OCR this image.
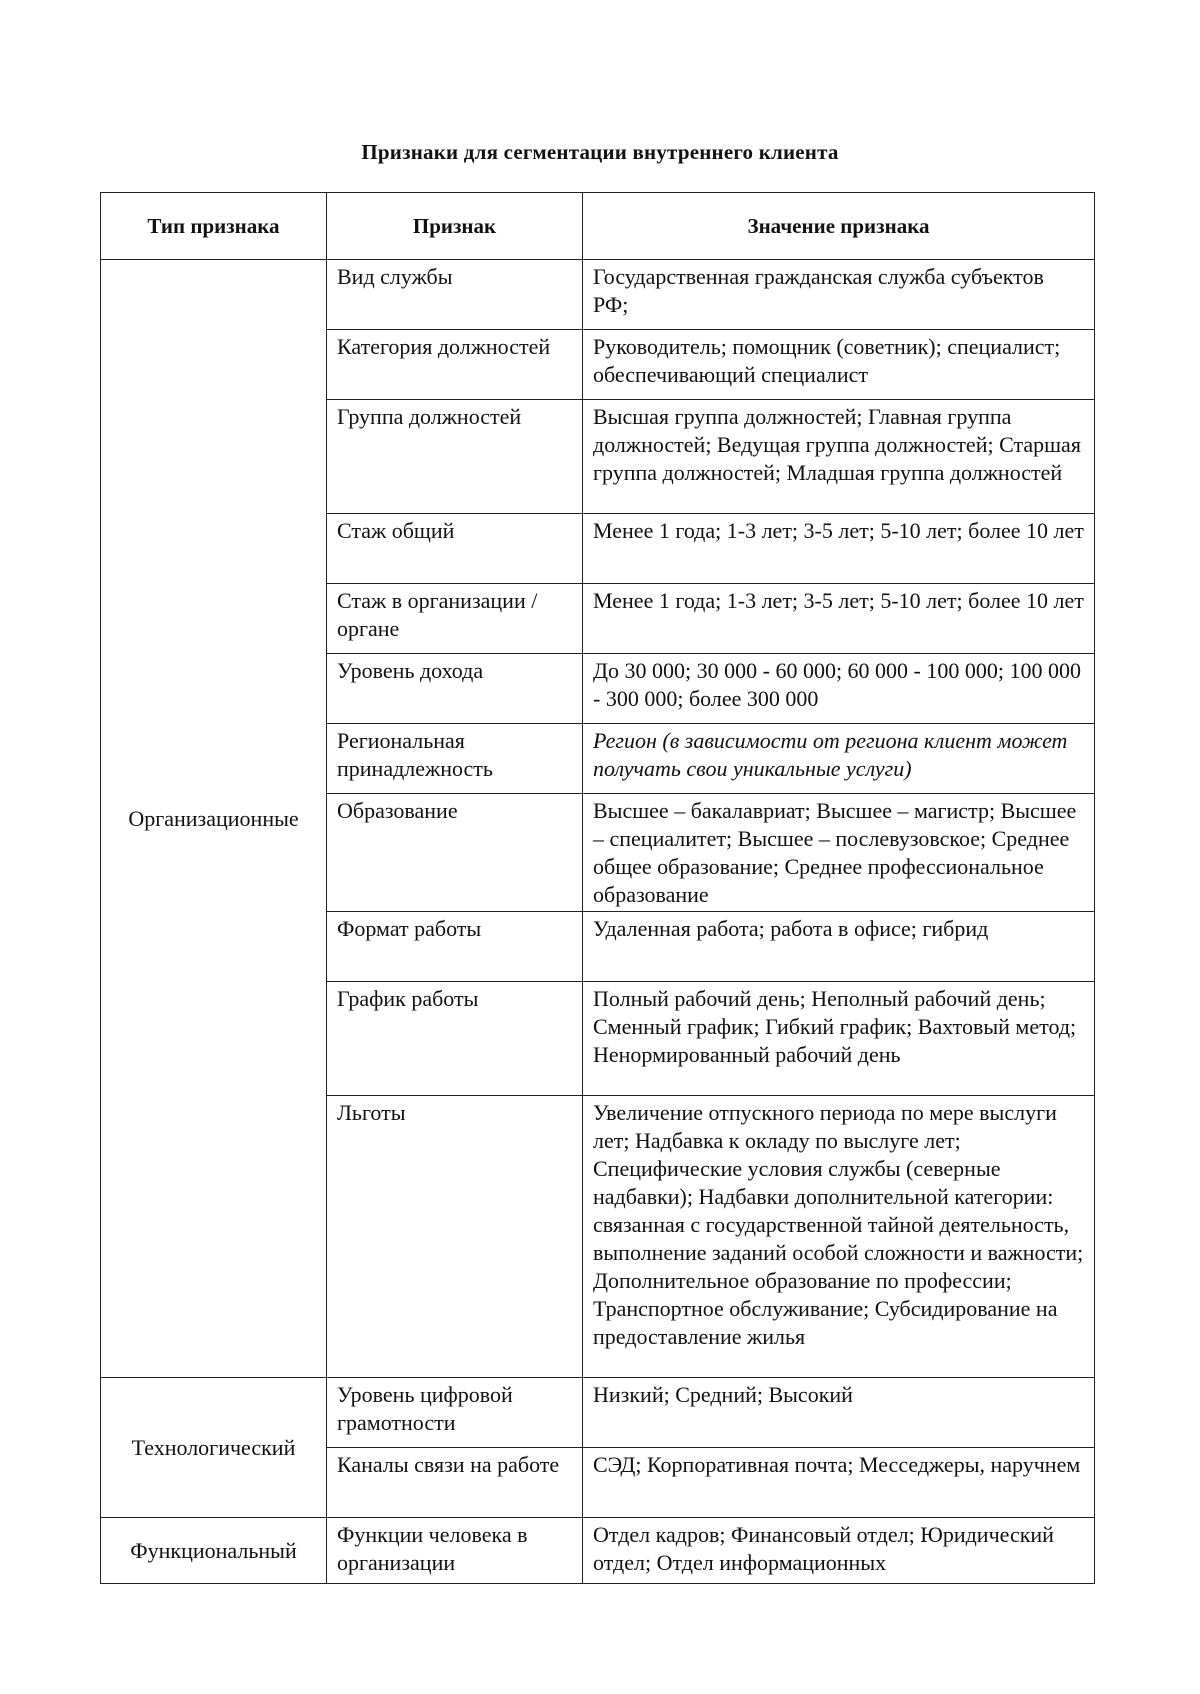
Признаки для сегментации внутреннего клиента
Тип признака	Признак	Значение признака
Организационные	Вид службы	Государственная гражданская служба субъектов РФ;
	Категория должностей	Руководитель; помощник (советник); специалист; обеспечивающий специалист
	Группа должностей	Высшая группа должностей; Главная группа должностей; Ведущая группа должностей; Старшая группа должностей; Младшая группа должностей
	Стаж общий	Менее 1 года; 1-3 лет; 3-5 лет; 5-10 лет; более 10 лет
	Стаж в организации / органе	Менее 1 года; 1-3 лет; 3-5 лет; 5-10 лет; более 10 лет
	Уровень дохода	До 30 000; 30 000 - 60 000; 60 000 - 100 000; 100 000 - 300 000; более 300 000
	Региональная принадлежность	Регион (в зависимости от региона клиент может получать свои уникальные услуги)
	Образование	Высшее – бакалавриат; Высшее – магистр; Высшее – специалитет; Высшее – послевузовское; Среднее общее образование; Среднее профессиональное образование
	Формат работы	Удаленная работа; работа в офисе; гибрид
	График работы	Полный рабочий день; Неполный рабочий день; Сменный график; Гибкий график; Вахтовый метод; Ненормированный рабочий день
	Льготы	Увеличение отпускного периода по мере выслуги лет; Надбавка к окладу по выслуге лет; Специфические условия службы (северные надбавки); Надбавки дополнительной категории: связанная с государственной тайной деятельность, выполнение заданий особой сложности и важности; Дополнительное образование по профессии; Транспортное обслуживание; Субсидирование на предоставление жилья
Технологический	Уровень цифровой грамотности	Низкий; Средний; Высокий
	Каналы связи на работе	СЭД; Корпоративная почта; Месседжеры, наручнем
Функциональный	Функции человека в организации	Отдел кадров; Финансовый отдел; Юридический отдел; Отдел информационных
